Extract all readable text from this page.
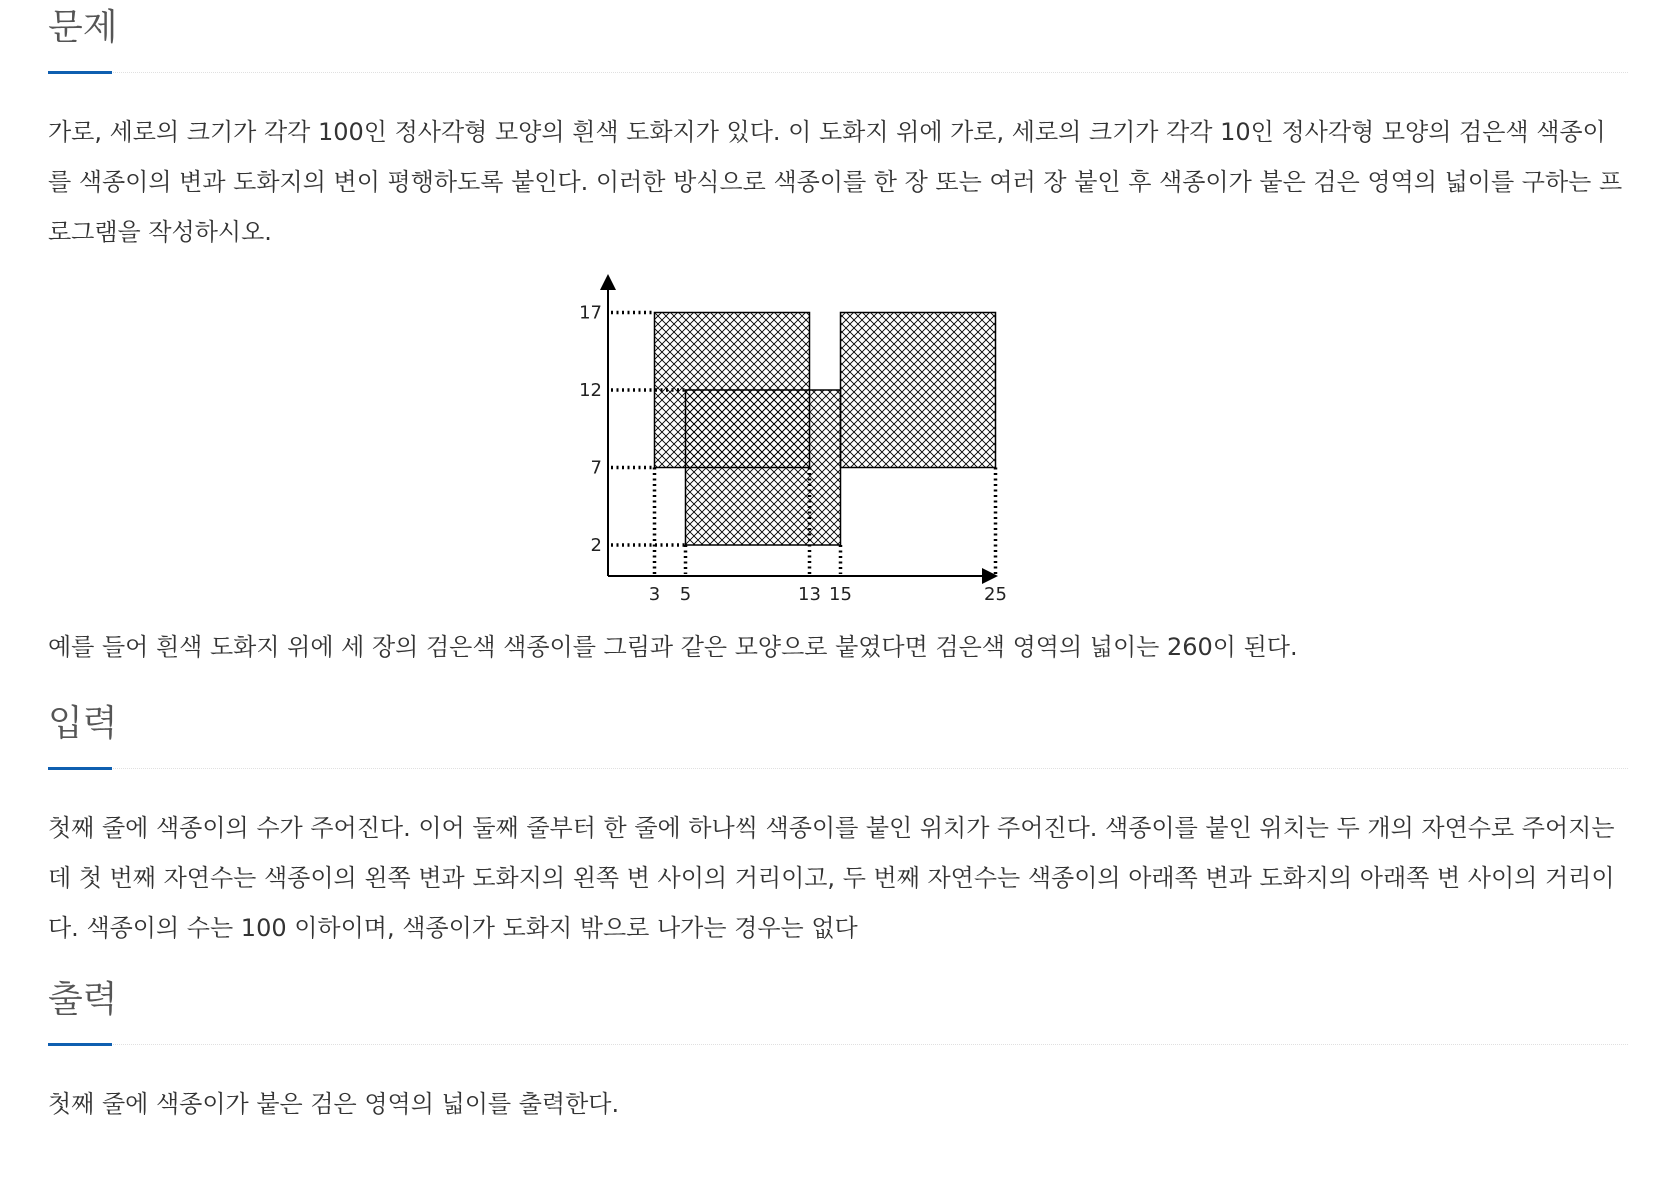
문제

가로, 세로의 크기가 각각 100인 정사각형 모양의 흰색 도화지가 있다. 이 도화지 위에 가로, 세로의 크기가 각각 10인 정사각형 모양의 검은색 색종이를 색종이의 변과 도화지의 변이 평행하도록 붙인다. 이러한 방식으로 색종이를 한 장 또는 여러 장 붙인 후 색종이가 붙은 검은 영역의 넓이를 구하는 프로그램을 작성하시오.

17
12
7
2
3 5	13 15	25

예를 들어 흰색 도화지 위에 세 장의 검은색 색종이를 그림과 같은 모양으로 붙였다면 검은색 영역의 넓이는 260이 된다.

입력

첫째 줄에 색종이의 수가 주어진다. 이어 둘째 줄부터 한 줄에 하나씩 색종이를 붙인 위치가 주어진다. 색종이를 붙인 위치는 두 개의 자연수로 주어지는데 첫 번째 자연수는 색종이의 왼쪽 변과 도화지의 왼쪽 변 사이의 거리이고, 두 번째 자연수는 색종이의 아래쪽 변과 도화지의 아래쪽 변 사이의 거리이다. 색종이의 수는 100 이하이며, 색종이가 도화지 밖으로 나가는 경우는 없다

출력

첫째 줄에 색종이가 붙은 검은 영역의 넓이를 출력한다.
